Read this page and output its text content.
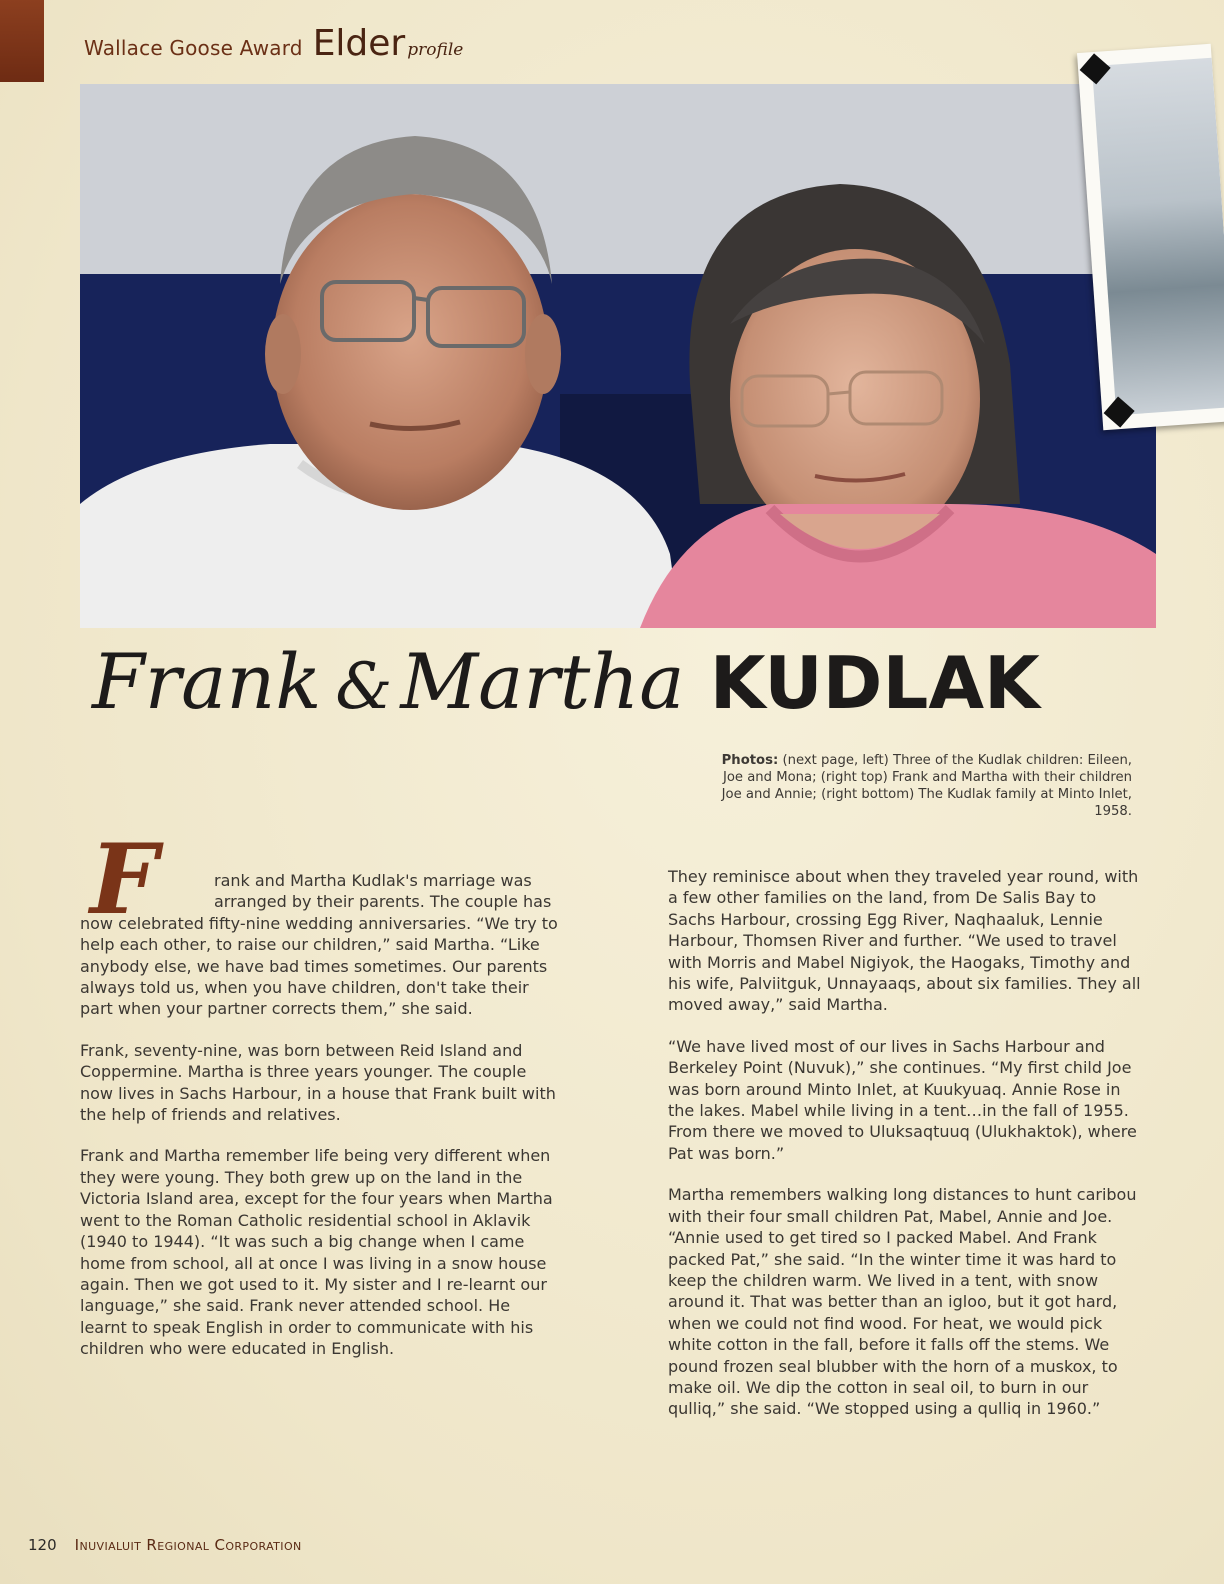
Wallace Goose Award Elder profile
Frank & Martha KUDLAK
Photos: (next page, left) Three of the Kudlak children: Eileen, Joe and Mona; (right top) Frank and Martha with their children Joe and Annie; (right bottom) The Kudlak family at Minto Inlet, 1958.

F	rank and Martha Kudlak's marriage was arranged by their parents. The couple has now celebrated fifty-nine wedding anniversaries. “We try to help each other, to raise our children,” said Martha. “Like anybody else, we have bad times sometimes. Our parents always told us, when you have children, don't take their part when your partner corrects them,” she said.

Frank, seventy-nine, was born between Reid Island and Coppermine. Martha is three years younger. The couple now lives in Sachs Harbour, in a house that Frank built with the help of friends and relatives.

Frank and Martha remember life being very different when they were young. They both grew up on the land in the Victoria Island area, except for the four years when Martha went to the Roman Catholic residential school in Aklavik (1940 to 1944). “It was such a big change when I came home from school, all at once I was living in a snow house again. Then we got used to it. My sister and I re-learnt our language,” she said. Frank never attended school. He learnt to speak English in order to communicate with his children who were educated in English.

They reminisce about when they traveled year round, with a few other families on the land, from De Salis Bay to Sachs Harbour, crossing Egg River, Naqhaaluk, Lennie Harbour, Thomsen River and further. “We used to travel with Morris and Mabel Nigiyok, the Haogaks, Timothy and his wife, Palviitguk, Unnayaaqs, about six families. They all moved away,” said Martha.

“We have lived most of our lives in Sachs Harbour and Berkeley Point (Nuvuk),” she continues. “My first child Joe was born around Minto Inlet, at Kuukyuaq. Annie Rose in the lakes. Mabel while living in a tent…in the fall of 1955. From there we moved to Uluksaqtuuq (Ulukhaktok), where Pat was born.”

Martha remembers walking long distances to hunt caribou with their four small children Pat, Mabel, Annie and Joe. “Annie used to get tired so I packed Mabel. And Frank packed Pat,” she said. “In the winter time it was hard to keep the children warm. We lived in a tent, with snow around it. That was better than an igloo, but it got hard, when we could not find wood. For heat, we would pick white cotton in the fall, before it falls off the stems. We pound frozen seal blubber with the horn of a muskox, to make oil. We dip the cotton in seal oil, to burn in our qulliq,” she said. “We stopped using a qulliq in 1960.”

120 Inuvialuit Regional Corporation
